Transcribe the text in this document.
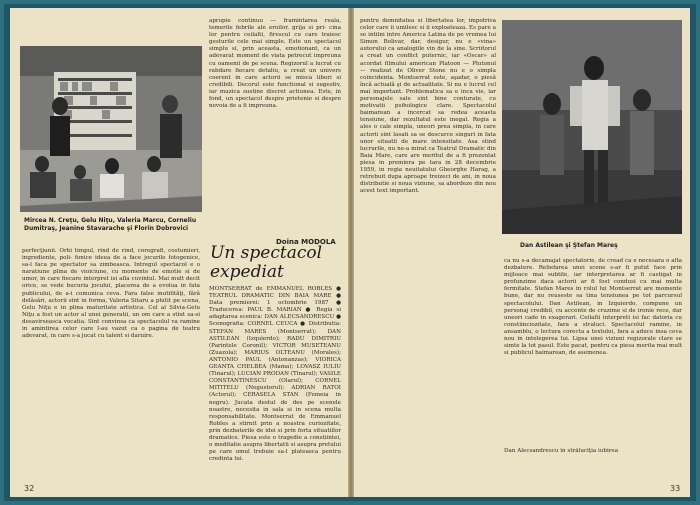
Mircea N. Creţu, Gelu Niţu, Valeria Marcu, Corneliu Dumitraş, Jeanine Stavarache şi Florin Dobrovici
perfecţiunii. Orbi timpul, rind de rind, coregrafi, costumieri, ingrediente, poli- fonice ideea de a face jocurile fotogenice, sa-l faca pe spectator sa zimbeasca. Intregul spectacol e o naratiune plina de vioiciune, cu momente de emotie si de umor, in care fiecare interpret isi afla cuvintul. Mai mult decit orice, se vede bucuria jocului, placerea de a evolua in fata publicului, de a-i comunica ceva. Fara false inutilităţi, fără delăsări, actorii sint in forma, Valeria Sitaru a plutit pe scena, Gelu Niţu e in plina maturitate artistica. Cel al Silvia-Gelu Niţu a fost un actor al unei generatii, un om care a stiut sa-si desavirseasca vocatia. Sint convinsa ca spectacolul va ramine in amintirea celor care l-au vazut ca o pagina de teatru adevarat, in care s-a jucat cu talent si daruire.
apropie continuu — framintarea reala, temerile febrile ale eroilor, grija si pri- cina lor pentru ceilalti, firescul cu care traiesc gesturile cele mai simple. Este un spectacol simplu si, prin aceasta, emotionant, ca un adevarat moment de viata petrecut impreuna cu oamenii de pe scena. Regizorul a lucrat cu rabdare fiecare detaliu, a creat un univers coerent in care actorii se misca liberi si credibili. Decorul este functional si sugestiv, iar muzica sustine discret actiunea. Este, in fond, un spectacol despre prietenie si despre nevoia de a fi impreuna.
Doina MODOLA
Un spectacol expediat
MONTSERRAT de EMMANUEL ROBLES ● TEATRUL DRAMATIC DIN BAIA MARE ● Data premierei: 1 octombrie 1987 ● Traducerea: PAUL B. MARIAN ● Regia si adaptarea scenica: DAN ALECSANDRESCU ● Scenografia: CORNEL CEUCA ● Distributia: STEFAN MARES (Montserrat); DAN ASTILEAN (Izquierdo); RADU DIMITRIU (Parintele Coronil); VICTOR MUSETEANU (Zuazola); MARIUS OLTEANU (Morales); ANTONIO PAUL (Antonanzas); VIORICA GEANTA CHELBEA (Mama); LOVASZ IULIU (Tinarul); LUCIAN PRODAN (Tinarul); VASILE CONSTANTINESCU (Olarul); CORNEL MITITELU (Negustorul); ADRIAN RATOI (Actorul); CERASELA STAN (Femeia in negru). Jucata destul de des pe scenele noastre, necesita in sala si in scena multa responsabilitate. Montserrat de Emmanuel Robles a stirnit prin a noastra curiozitate, prin dezbaterile de idei si prin forta situatiilor dramatice. Piesa este o tragedie a constiintei, o meditatie asupra libertatii si asupra pretului pe care omul trebuie sa-l plateasca pentru credinta lui.
32
pentru demnitatea si libertatea lor, impotriva celor care ii umilesc si ii exploateaza. Es pare a se intilni intre America Latina de pe vremea lui Simon Bolivar, dar, desigur, nu e «vina» autorului ca analogiile vin de la sine. Scriitorul a creat un conflict puternic, iar «Oscar» al acordat filmului american Platoon — Plutonul — realizat de Oliver Stone nu e o simpla coincidenta. Montserrat este, aşadar, o piesă încă actuală şi de actualitate. Si nu e lucrul cel mai important. Problematica sa e inca vie, iar personajele sale sint bine conturate, cu motivatii psihologice clare. Spectacolul baimarean a incercat sa redea aceasta tensiune, dar rezultatul este inegal. Regia a ales o cale simpla, uneori prea simpla, in care actorii sint lasati sa se descurce singuri in fata unor situatii de mare intensitate. Asa stind lucrurile, nu ne-a mirat ca Teatrul Dramatic din Baia Mare, care are meritul de a fi prezentat piesa in premiera pe tara in 28 decembrie 1959, in regia neuitatului Gheorghe Harag, a retrebuit dupa aproape treizeci de ani, in noua distributie si noua viziune, sa abordeze din nou acest text important.
Dan Astilean şi Ştefan Mareş
ca nu s-a decamajat spectatorie, de cread ca e necesara o alta dezbatere. Reliefarea unei scene s-ar fi putut face prin mijloace mai subtile, iar interpretarea ar fi castigat in profunzime daca actorii ar fi fost condusi cu mai multa fermitate. Stefan Mares in rolul lui Montserrat are momente bune, dar nu reuseste sa tina tensiunea pe tot parcursul spectacolului. Dan Astilean, in Izquierdo, compune un personaj credibil, cu accente de cruzime si de ironie rece, dar uneori cade in exagerari. Ceilalti interpreti isi fac datoria cu constiinciozitate, fara a straluci. Spectacolul ramine, in ansamblu, o lectura corecta a textului, fara a aduce insa ceva nou in intelegerea lui. Lipsa unei viziuni regizorale clare se simte la tot pasul. Este pacat, pentru ca piesa merita mai mult si publicul baimarean, de asemenea.
Dan Alecsandrescu în străluciţia iubirea
33
